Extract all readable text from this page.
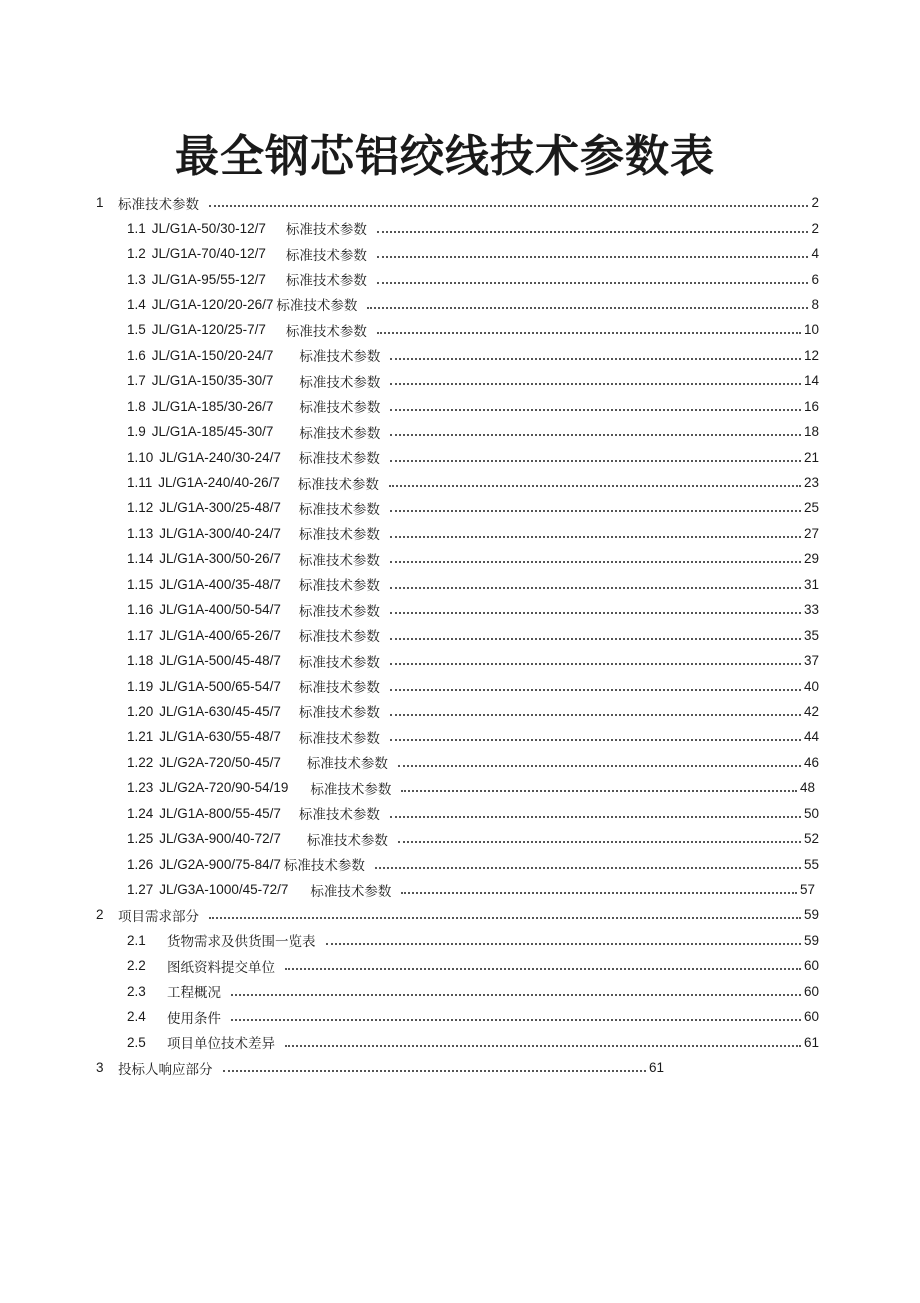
最全钢芯铝绞线技术参数表
1	标准技术参数	2
1.1 JL/G1A-50/30-12/7 标准技术参数	2
1.2 JL/G1A-70/40-12/7 标准技术参数	4
1.3 JL/G1A-95/55-12/7 标准技术参数	6
1.4 JL/G1A-120/20-26/7 标准技术参数	8
1.5 JL/G1A-120/25-7/7 标准技术参数	10
1.6 JL/G1A-150/20-24/7 标准技术参数	12
1.7 JL/G1A-150/35-30/7 标准技术参数	14
1.8 JL/G1A-185/30-26/7 标准技术参数	16
1.9 JL/G1A-185/45-30/7 标准技术参数	18
1.10 JL/G1A-240/30-24/7 标准技术参数	21
1.11 JL/G1A-240/40-26/7 标准技术参数	23
1.12 JL/G1A-300/25-48/7 标准技术参数	25
1.13 JL/G1A-300/40-24/7 标准技术参数	27
1.14 JL/G1A-300/50-26/7 标准技术参数	29
1.15 JL/G1A-400/35-48/7 标准技术参数	31
1.16 JL/G1A-400/50-54/7 标准技术参数	33
1.17 JL/G1A-400/65-26/7 标准技术参数	35
1.18 JL/G1A-500/45-48/7 标准技术参数	37
1.19 JL/G1A-500/65-54/7 标准技术参数	40
1.20 JL/G1A-630/45-45/7 标准技术参数	42
1.21 JL/G1A-630/55-48/7 标准技术参数	44
1.22 JL/G2A-720/50-45/7 标准技术参数	46
1.23 JL/G2A-720/90-54/19 标准技术参数	48
1.24 JL/G1A-800/55-45/7 标准技术参数	50
1.25 JL/G3A-900/40-72/7 标准技术参数	52
1.26 JL/G2A-900/75-84/7 标准技术参数	55
1.27 JL/G3A-1000/45-72/7 标准技术参数	57
2	项目需求部分	59
2.1	货物需求及供货围一览表	59
2.2	图纸资料提交单位	60
2.3	工程概况	60
2.4	使用条件	60
2.5	项目单位技术差异	61
3	投标人响应部分	61
